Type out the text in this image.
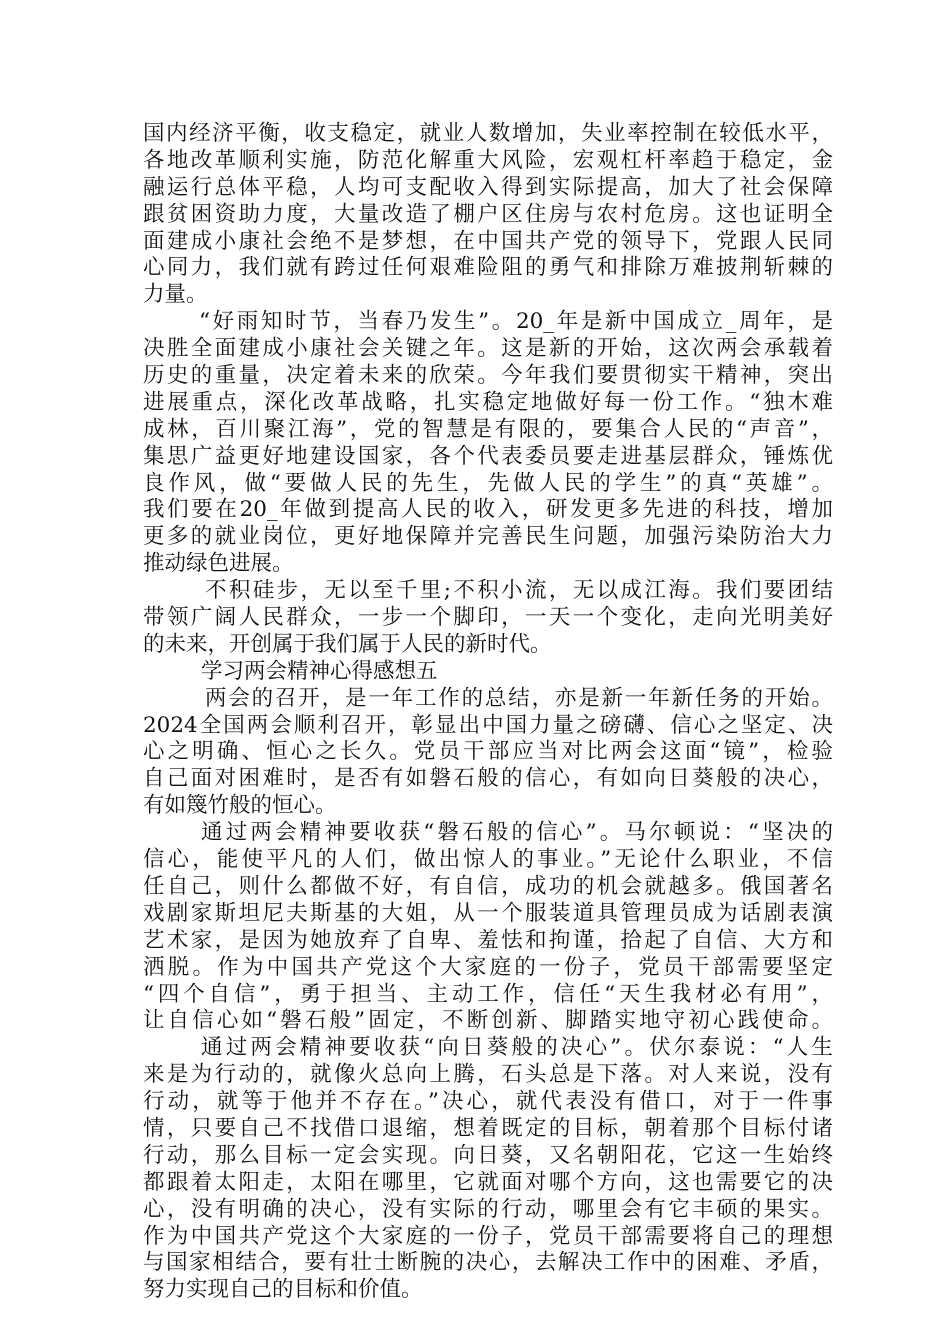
国内经济平衡，收支稳定，就业人数增加，失业率控制在较低水平，
各地改革顺利实施，防范化解重大风险，宏观杠杆率趋于稳定，金
融运行总体平稳，人均可支配收入得到实际提高，加大了社会保障
跟贫困资助力度，大量改造了棚户区住房与农村危房。这也证明全
面建成小康社会绝不是梦想，在中国共产党的领导下，党跟人民同
心同力，我们就有跨过任何艰难险阻的勇气和排除万难披荆斩棘的
力量。
“好雨知时节，当春乃发生”。20_年是新中国成立_周年，是
决胜全面建成小康社会关键之年。这是新的开始，这次两会承载着
历史的重量，决定着未来的欣荣。今年我们要贯彻实干精神，突出
进展重点，深化改革战略，扎实稳定地做好每一份工作。“独木难
成林，百川聚江海”，党的智慧是有限的，要集合人民的“声音”，
集思广益更好地建设国家，各个代表委员要走进基层群众，锤炼优
良作风，做“要做人民的先生，先做人民的学生”的真“英雄”。
我们要在20_年做到提高人民的收入，研发更多先进的科技，增加
更多的就业岗位，更好地保障并完善民生问题，加强污染防治大力
推动绿色进展。
不积硅步，无以至千里;不积小流，无以成江海。我们要团结
带领广阔人民群众，一步一个脚印，一天一个变化，走向光明美好
的未来，开创属于我们属于人民的新时代。
学习两会精神心得感想五
两会的召开，是一年工作的总结，亦是新一年新任务的开始。
2024全国两会顺利召开，彰显出中国力量之磅礴、信心之坚定、决
心之明确、恒心之长久。党员干部应当对比两会这面“镜”，检验
自己面对困难时，是否有如磐石般的信心，有如向日葵般的决心，
有如篾竹般的恒心。
通过两会精神要收获“磐石般的信心”。马尔顿说：“坚决的
信心，能使平凡的人们，做出惊人的事业。”无论什么职业，不信
任自己，则什么都做不好，有自信，成功的机会就越多。俄国著名
戏剧家斯坦尼夫斯基的大姐，从一个服装道具管理员成为话剧表演
艺术家，是因为她放弃了自卑、羞怯和拘谨，拾起了自信、大方和
洒脱。作为中国共产党这个大家庭的一份子，党员干部需要坚定
“四个自信”，勇于担当、主动工作，信任“天生我材必有用”，
让自信心如“磐石般”固定，不断创新、脚踏实地守初心践使命。
通过两会精神要收获“向日葵般的决心”。伏尔泰说：“人生
来是为行动的，就像火总向上腾，石头总是下落。对人来说，没有
行动，就等于他并不存在。”决心，就代表没有借口，对于一件事
情，只要自己不找借口退缩，想着既定的目标，朝着那个目标付诸
行动，那么目标一定会实现。向日葵，又名朝阳花，它这一生始终
都跟着太阳走，太阳在哪里，它就面对哪个方向，这也需要它的决
心，没有明确的决心，没有实际的行动，哪里会有它丰硕的果实。
作为中国共产党这个大家庭的一份子，党员干部需要将自己的理想
与国家相结合，要有壮士断腕的决心，去解决工作中的困难、矛盾，
努力实现自己的目标和价值。
